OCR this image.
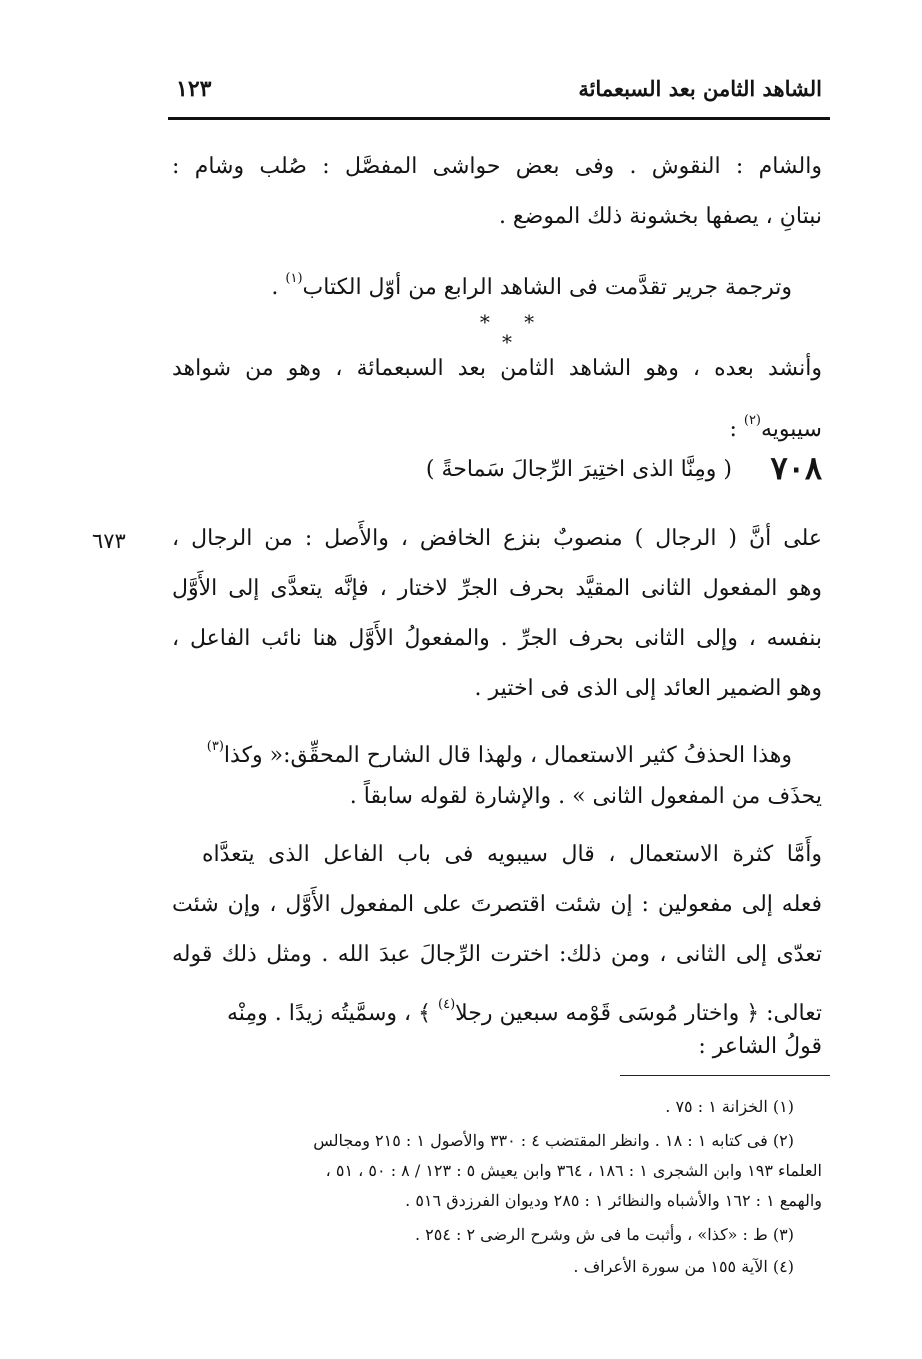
الشاهد الثامن بعد السبعمائة
١٢٣
والشام : النقوش . وفى بعض حواشى المفصَّل : صُلب وشام :
نبتانِ ، يصفها بخشونة ذلك الموضع .
وترجمة جرير تقدَّمت فى الشاهد الرابع من أوّل الكتاب$^{(١)}$ .
* * *
وأنشد بعده ، وهو الشاهد الثامن بعد السبعمائة ، وهو من شواهد
سيبويه$^{(٢)}$ :
٧٠٨
( ومِنَّا الذى اختِيرَ الرِّجالَ سَماحةً )
٦٧٣ على أنَّ ( الرجال ) منصوبٌ بنزع الخافض ، والأَصل : من الرجال ،
وهو المفعول الثانى المقيَّد بحرف الجرِّ لاختار ، فإنَّه يتعدَّى إلى الأَوَّل
بنفسه ، وإلى الثانى بحرف الجرِّ . والمفعولُ الأَوَّل هنا نائب الفاعل ،
وهو الضمير العائد إلى الذى فى اختير .
وهذا الحذفُ كثير الاستعمال ، ولهذا قال الشارح المحقِّق:« وكذا$^{(٣)}$
يحذَف من المفعول الثانى » . والإشارة لقوله سابقاً .
وأَمَّا كثرة الاستعمال ، قال سيبويه فى باب الفاعل الذى يتعدَّاه
فعله إلى مفعولين : إن شئت اقتصرتَ على المفعول الأَوَّل ، وإن شئت
تعدّى إلى الثانى ، ومن ذلك: اخترت الرِّجالَ عبدَ الله . ومثل ذلك قوله
تعالى: ﴿ واختار مُوسَى قَوْمه سبعين رجلا$^{(٤)}$ ﴾ ، وسمَّيتُه زيدًا . ومِنْه
قولُ الشاعر :
(١) الخزانة ١ : ٧٥ .
(٢) فى كتابه ١ : ١٨ . وانظر المقتضب ٤ : ٣٣٠ والأصول ١ : ٢١٥ ومجالس
العلماء ١٩٣ وابن الشجرى ١ : ١٨٦ ، ٣٦٤ وابن يعيش ٥ : ١٢٣ / ٨ : ٥٠ ، ٥١ ،
والهمع ١ : ١٦٢ والأشباه والنظائر ١ : ٢٨٥ وديوان الفرزدق ٥١٦ .
(٣) ط : «كذا» ، وأثبت ما فى ش وشرح الرضى ٢ : ٢٥٤ .
(٤) الآية ١٥٥ من سورة الأعراف .
